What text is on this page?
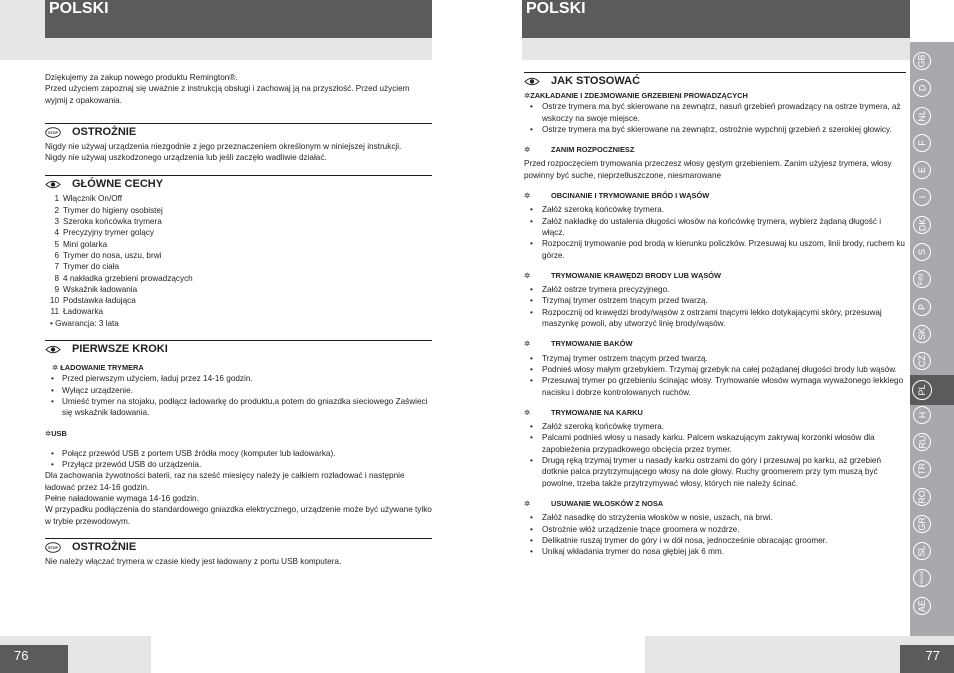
POLSKI	POLSKI

Dziękujemy za zakup nowego produktu Remington®.

Przed użyciem zapoznaj się uważnie z instrukcją obsługi i zachowaj ją na przyszłość. Przed użyciem wyjmij z opakowania.

STOP OSTROŻNIE

Nigdy nie używaj urządzenia niezgodnie z jego przeznaczeniem określonym w niniejszej instrukcji.

Nigdy nie używaj uszkodzonego urządzenia lub jeśli zaczęło wadliwie działać.

GŁÓWNE CECHY
1 Włącznik On/Off
2 Trymer do higieny osobistej
3 Szeroka końcówka trymera
4 Precyzyjny trymer golący
5 Mini golarka
6 Trymer do nosa, uszu, brwi
7 Trymer do ciała
8 4 nakładka grzebieni prowadzących
9 Wskaźnik ładowania
10 Podstawka ładująca
11 Ładowarka

• Gwarancja: 3 lata

PIERWSZE KROKI
✲ ŁADOWANIE TRYMERA
• Przed pierwszym użyciem, ładuj przez 14-16 godzin.
• Wyłącz urządzenie.
• Umieść trymer na stojaku, podłącz ładowarkę do produktu,a potem do gniazdka sieciowego Zaświeci się wskaźnik ładowania.
✲USB
• Połącz przewód USB z portem USB źródła mocy (komputer lub ładowarka).
• Przyłącz przewód USB do urządzenia.

Dla zachowania żywotności baterii, raz na sześć miesięcy należy je całkiem rozładować i następnie ładować przez 14-16 godzin.

Pełne naładowanie wymaga 14-16 godzin.

W przypadku podłączenia do standardowego gniazdka elektrycznego, urządzenie może być używane tylko w trybie przewodowym.

STOP OSTROŻNIE

Nie należy włączać trymera w czasie kiedy jest ładowany z portu USB komputera.

JAK STOSOWAĆ
✲ZAKŁADANIE I ZDEJMOWANIE GRZEBIENI PROWADZĄCYCH
• Ostrze trymera ma być skierowane na zewnątrz, nasuń grzebień prowadzący na ostrze trymera, aż wskoczy na swoje miejsce.
• Ostrze trymera ma być skierowane na zewnątrz, ostrożnie wypchnij grzebień z szerokiej głowicy.
✲	ZANIM ROZPOCZNIESZ

Przed rozpoczęciem trymowania przeczesz włosy gęstym grzebieniem. Zanim użyjesz trymera, włosy powinny być suche, nieprzetłuszczone, niesmarowane

✲	OBCINANIE I TRYMOWANIE BRÓD I WĄSÓW
• Załóż szeroką końcówkę trymera.
• Załóż nakładkę do ustalenia długości włosów na końcówkę trymera, wybierz żądaną długość i włącz.
• Rozpocznij trymowanie pod brodą w kierunku policzków. Przesuwaj ku uszom, linii brody, ruchem ku górze.
✲	TRYMOWANIE KRAWĘDZI BRODY LUB WĄSÓW
• Załóż ostrze trymera precyzyjnego.
• Trzymaj trymer ostrzem tnącym przed twarzą.
• Rozpocznij od krawędzi brody/wąsów z ostrzami tnącymi lekko dotykającymi skóry, przesuwaj maszynkę powoli, aby utworzyć linię brody/wąsów.
✲	TRYMOWANIE BAKÓW
• Trzymaj trymer ostrzem tnącym przed twarzą.
• Podnieś włosy małym grzebykiem. Trzymaj grzebyk na całej pożądanej długości brody lub wąsów.
• Przesuwaj trymer po grzebieniu ścinając włosy. Trymowanie włosów wymaga wyważonego lekkiego nacisku i dobrze kontrolowanych ruchów.
✲	TRYMOWANIE NA KARKU
• Załóż szeroką końcówkę trymera.
• Palcami podnieś włosy u nasady karku. Palcem wskazującym zakrywaj korzonki włosów dla zapobieżenia przypadkowego obcięcia przez trymer.
• Drugą ręką trzymaj trymer u nasady karku ostrzami do góry i przesuwaj po karku, aż grzebień dotknie palca przytrzymującego włosy na dole głowy. Ruchy groomerem przy tym muszą być powolne, trzeba także przytrzymywać włosy, których nie należy ścinać.
✲	USUWANIE WŁOSKÓW Z NOSA
• Załóż nasadkę do strzyżenia włosków w nosie, uszach, na brwi.
• Ostrożnie włóż urządzenie tnące groomera w nozdrze.
• Delikatnie ruszaj trymer do góry i w dół nosa, jednocześnie obracając groomer.
• Unikaj wkładania trymer do nosa głębiej jak 6 mm.
GB
D
NL
F
E
I
DK
S
FIN
P
SK
CZ
PL
H
RU
TR
RO
GR
SL
HR/SRB
AE
76	77
